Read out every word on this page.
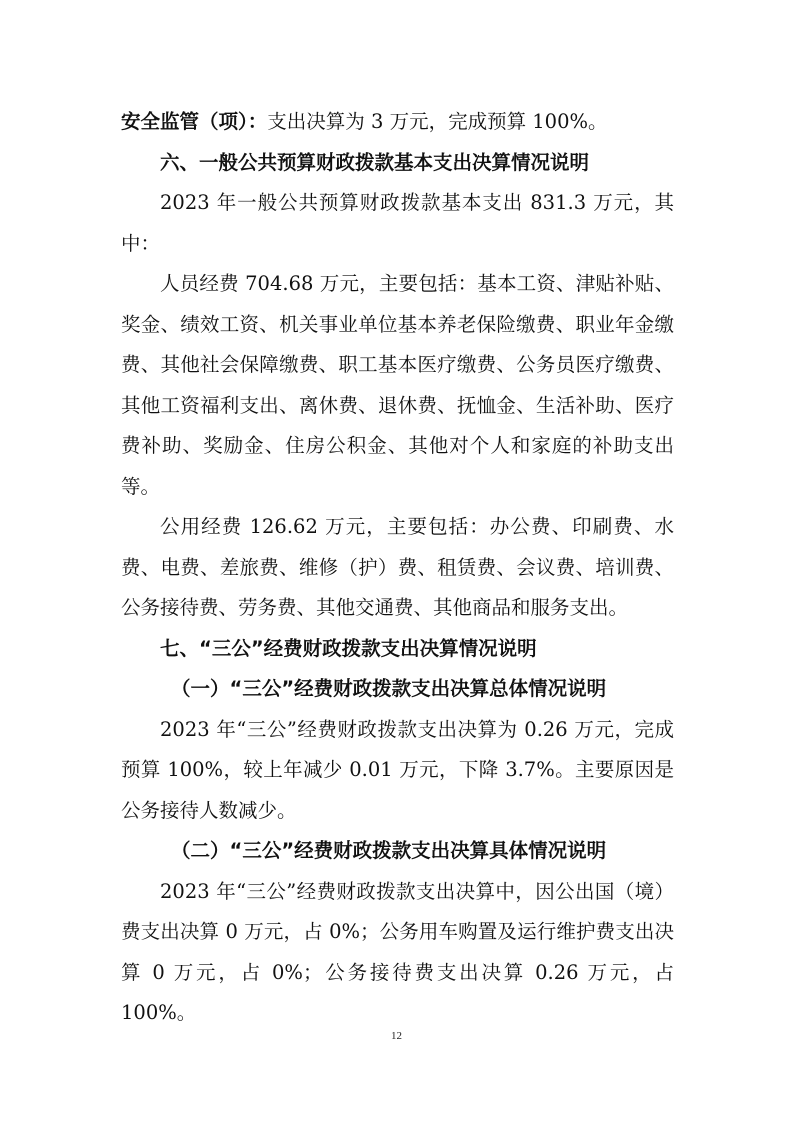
安全监管（项）：支出决算为 3 万元，完成预算 100%。

六、一般公共预算财政拨款基本支出决算情况说明

2023 年一般公共预算财政拨款基本支出 831.3 万元，其中：

人员经费 704.68 万元，主要包括：基本工资、津贴补贴、奖金、绩效工资、机关事业单位基本养老保险缴费、职业年金缴费、其他社会保障缴费、职工基本医疗缴费、公务员医疗缴费、其他工资福利支出、离休费、退休费、抚恤金、生活补助、医疗费补助、奖励金、住房公积金、其他对个人和家庭的补助支出等。

公用经费 126.62 万元，主要包括：办公费、印刷费、水费、电费、差旅费、维修（护）费、租赁费、会议费、培训费、公务接待费、劳务费、其他交通费、其他商品和服务支出。

七、“三公”经费财政拨款支出决算情况说明

（一）“三公”经费财政拨款支出决算总体情况说明

2023 年“三公”经费财政拨款支出决算为 0.26 万元，完成预算 100%，较上年减少 0.01 万元，下降 3.7%。主要原因是公务接待人数减少。

（二）“三公”经费财政拨款支出决算具体情况说明

2023 年“三公”经费财政拨款支出决算中，因公出国（境）费支出决算 0 万元，占 0%；公务用车购置及运行维护费支出决算 0 万元，占 0%；公务接待费支出决算 0.26 万元，占 100%。

12
